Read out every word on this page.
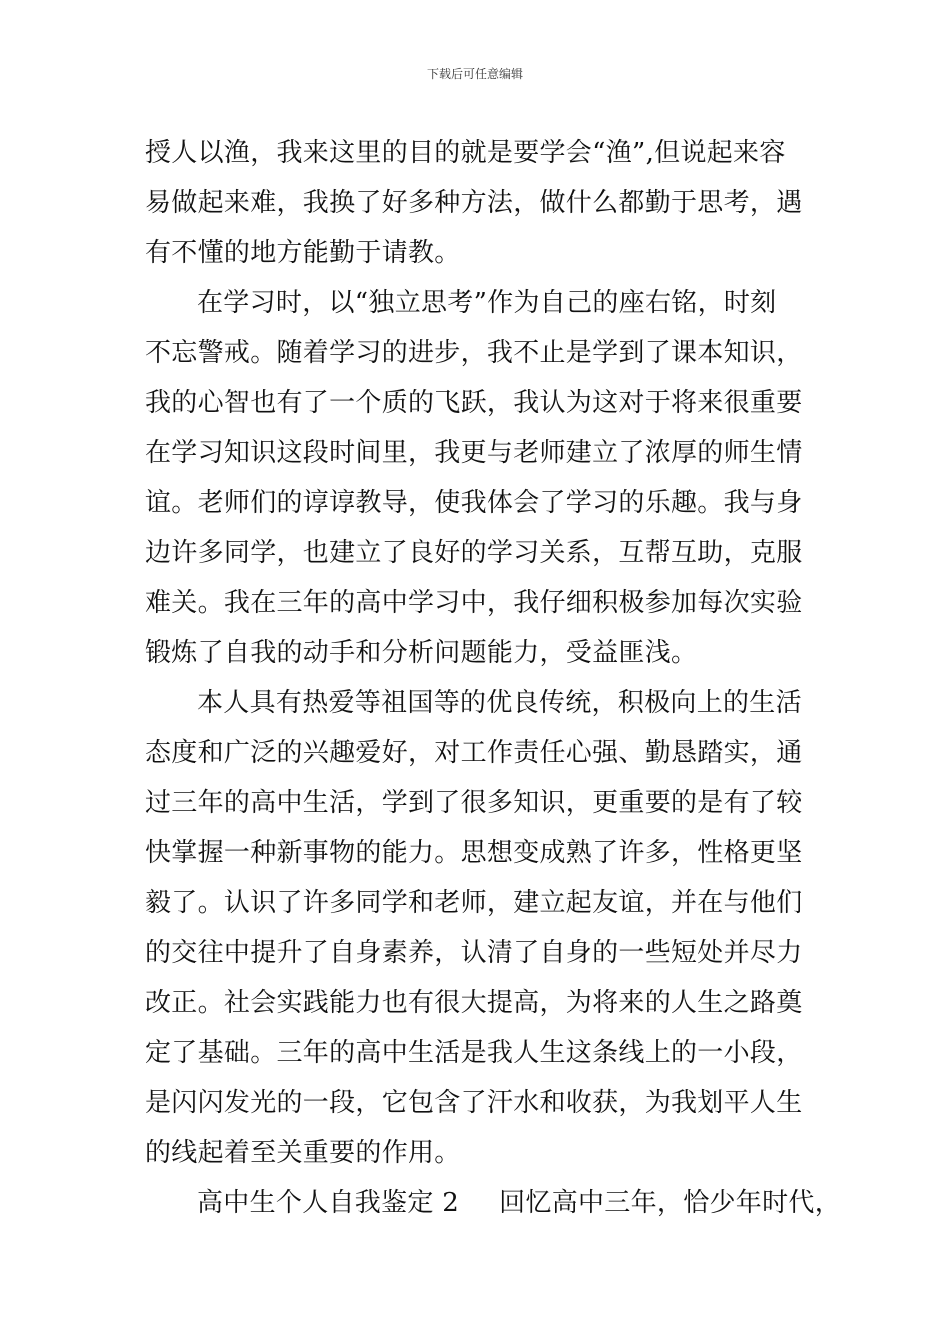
下载后可任意编辑
授人以渔，我来这里的目的就是要学会“渔”,但说起来容
易做起来难，我换了好多种方法，做什么都勤于思考，遇
有不懂的地方能勤于请教。
在学习时，以“独立思考”作为自己的座右铭，时刻
不忘警戒。随着学习的进步，我不止是学到了课本知识，
我的心智也有了一个质的飞跃，我认为这对于将来很重要
在学习知识这段时间里，我更与老师建立了浓厚的师生情
谊。老师们的谆谆教导，使我体会了学习的乐趣。我与身
边许多同学，也建立了良好的学习关系，互帮互助，克服
难关。我在三年的高中学习中，我仔细积极参加每次实验
锻炼了自我的动手和分析问题能力，受益匪浅。
本人具有热爱等祖国等的优良传统，积极向上的生活
态度和广泛的兴趣爱好，对工作责任心强、勤恳踏实，通
过三年的高中生活，学到了很多知识，更重要的是有了较
快掌握一种新事物的能力。思想变成熟了许多，性格更坚
毅了。认识了许多同学和老师，建立起友谊，并在与他们
的交往中提升了自身素养，认清了自身的一些短处并尽力
改正。社会实践能力也有很大提高，为将来的人生之路奠
定了基础。三年的高中生活是我人生这条线上的一小段，
是闪闪发光的一段，它包含了汗水和收获，为我划平人生
的线起着至关重要的作用。
高中生个人自我鉴定 2 回忆高中三年，恰少年时代，
